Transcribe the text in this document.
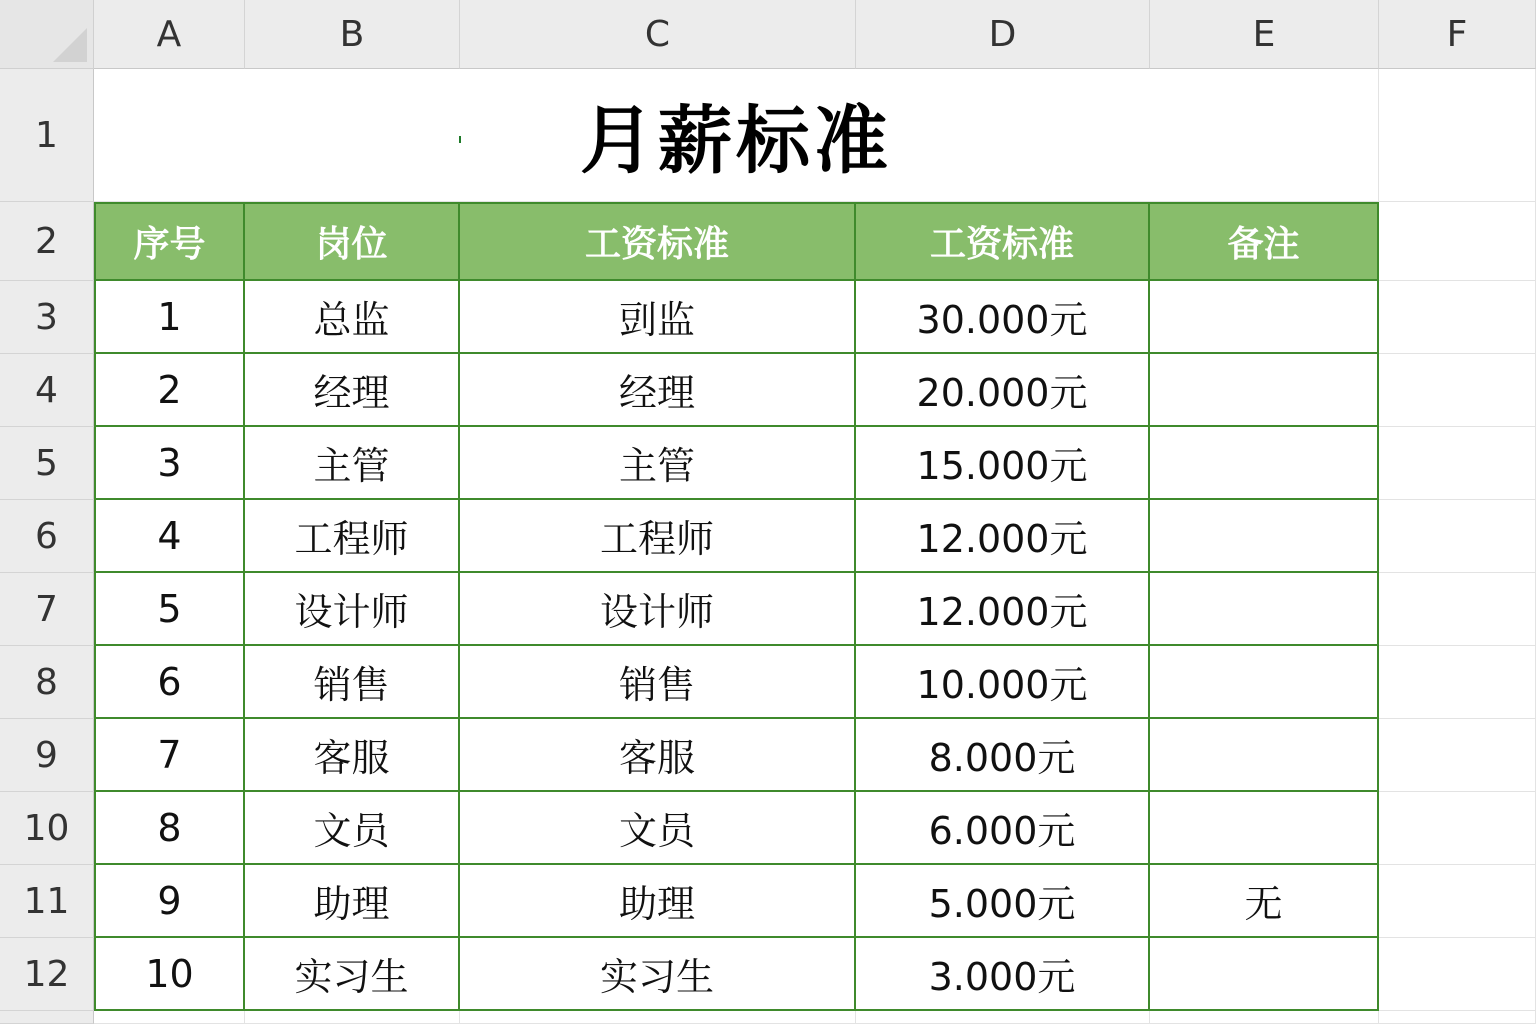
A	B	C	D	E	F
1
2
3
4
5
6
7
8
9
10
11
12
月薪标准
序号	岗位	工资标准	工资标准	备注
1	总监	剅监	30.000元
2	经理	经理	20.000元
3	主管	主管	15.000元
4	工程师	工程师	12.000元
5	设计师	设计师	12.000元
6	销售	销售	10.000元
7	客服	客服	8.000元
8	文员	文员	6.000元
9	助理	助理	5.000元	无
10	实习生	实习生	3.000元
